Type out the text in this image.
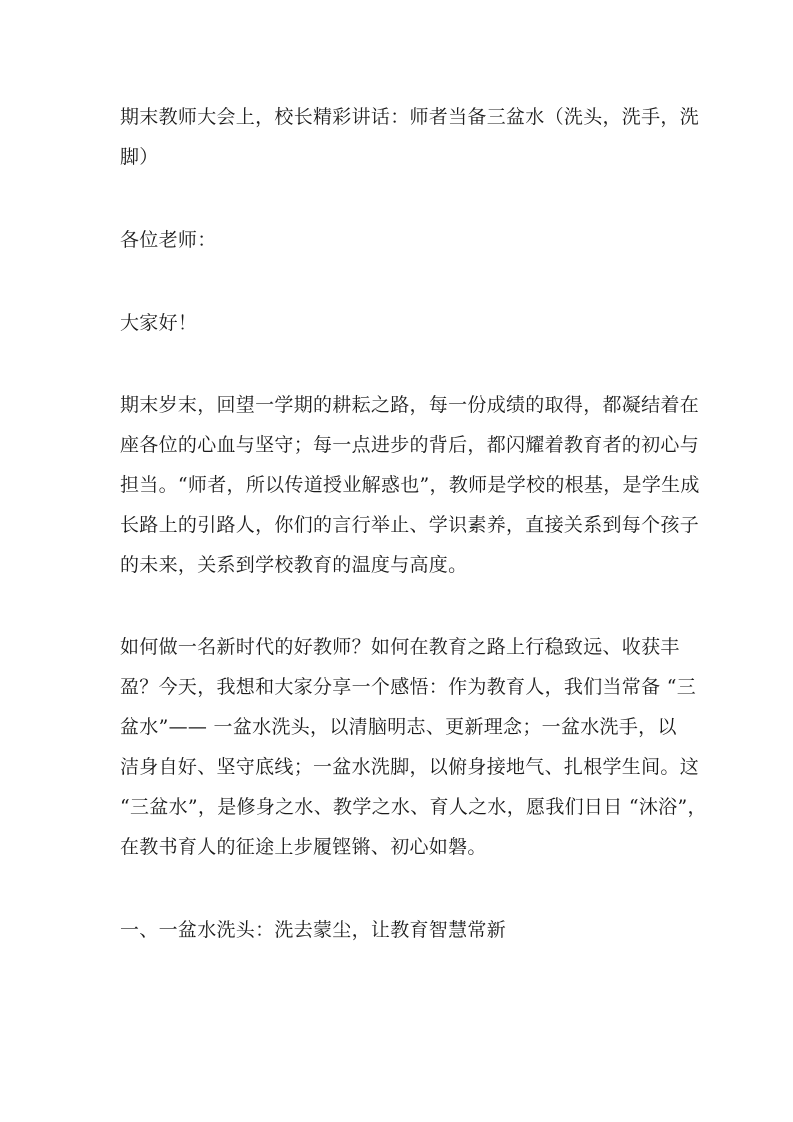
期末教师大会上，校长精彩讲话：师者当备三盆水（洗头，洗手，洗
脚）
各位老师：
大家好！
期末岁末，回望一学期的耕耘之路，每一份成绩的取得，都凝结着在
座各位的心血与坚守；每一点进步的背后，都闪耀着教育者的初心与
担当。“师者，所以传道授业解惑也”，教师是学校的根基，是学生成
长路上的引路人，你们的言行举止、学识素养，直接关系到每个孩子
的未来，关系到学校教育的温度与高度。
如何做一名新时代的好教师？如何在教育之路上行稳致远、收获丰
盈？今天，我想和大家分享一个感悟：作为教育人，我们当常备 “三
盆水”—— 一盆水洗头，以清脑明志、更新理念；一盆水洗手，以
洁身自好、坚守底线；一盆水洗脚，以俯身接地气、扎根学生间。这
“三盆水”，是修身之水、教学之水、育人之水，愿我们日日 “沐浴”，
在教书育人的征途上步履铿锵、初心如磐。
一、一盆水洗头：洗去蒙尘，让教育智慧常新
